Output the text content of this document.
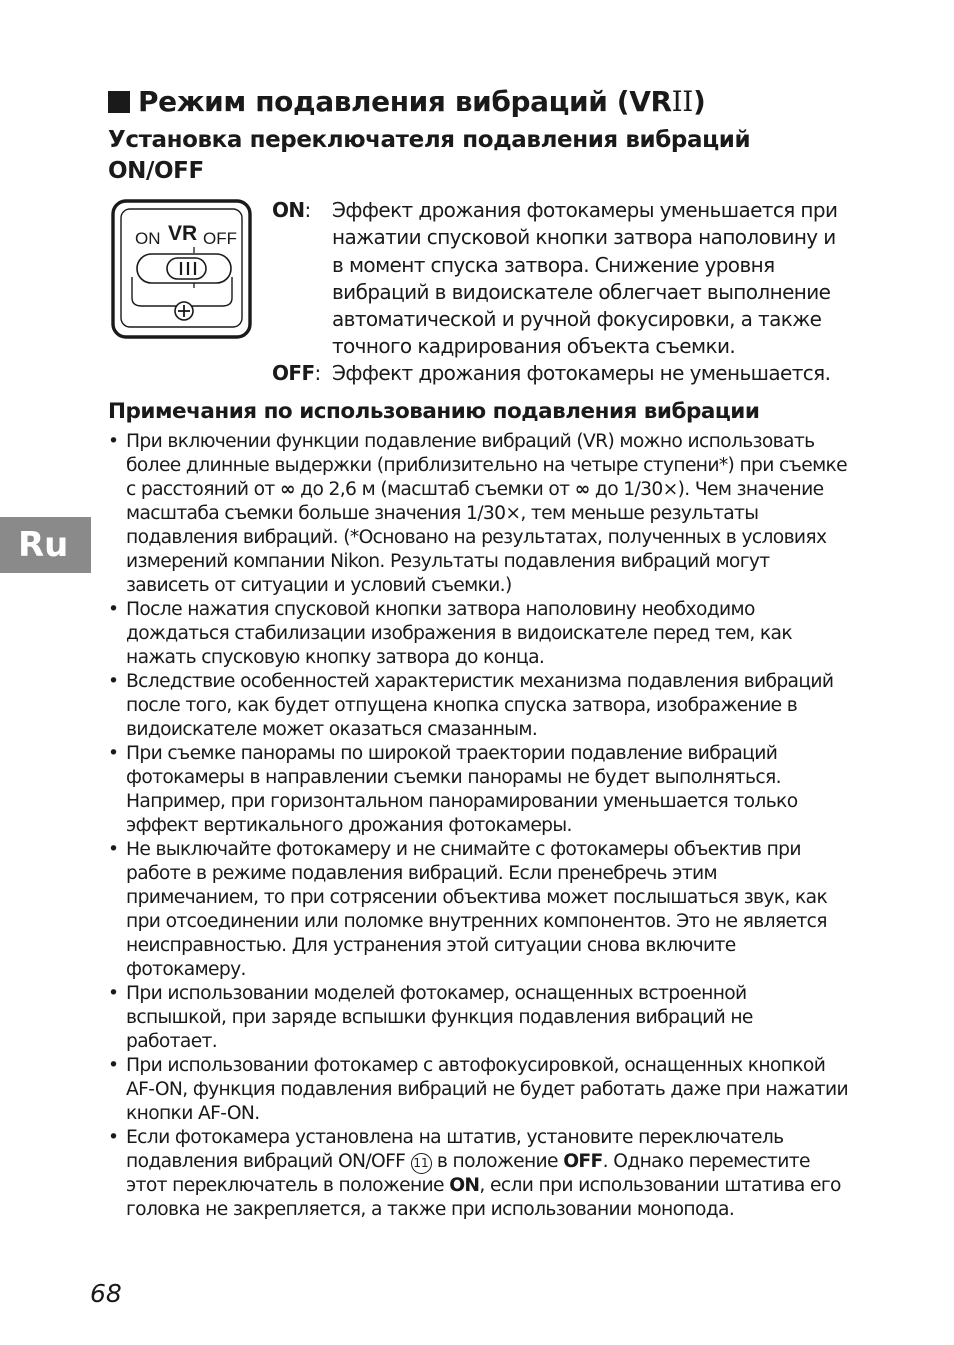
Режим подавления вибраций (VRII)
Установка переключателя подавления вибраций ON/OFF
ON VR OFF
ON: Эффект дрожания фотокамеры уменьшается при нажатии спусковой кнопки затвора наполовину и в момент спуска затвора. Снижение уровня вибраций в видоискателе облегчает выполнение автоматической и ручной фокусировки, а также точного кадрирования объекта съемки.
OFF: Эффект дрожания фотокамеры не уменьшается.
Примечания по использованию подавления вибрации
• При включении функции подавление вибраций (VR) можно использовать более длинные выдержки (приблизительно на четыре ступени*) при съемке с расстояний от ∞ до 2,6 м (масштаб съемки от ∞ до 1/30×). Чем значение масштаба съемки больше значения 1/30×, тем меньше результаты подавления вибраций. (*Основано на результатах, полученных в условиях измерений компании Nikon. Результаты подавления вибраций могут зависеть от ситуации и условий съемки.)
• После нажатия спусковой кнопки затвора наполовину необходимо дождаться стабилизации изображения в видоискателе перед тем, как нажать спусковую кнопку затвора до конца.
• Вследствие особенностей характеристик механизма подавления вибраций после того, как будет отпущена кнопка спуска затвора, изображение в видоискателе может оказаться смазанным.
• При съемке панорамы по широкой траектории подавление вибраций фотокамеры в направлении съемки панорамы не будет выполняться. Например, при горизонтальном панорамировании уменьшается только эффект вертикального дрожания фотокамеры.
• Не выключайте фотокамеру и не снимайте с фотокамеры объектив при работе в режиме подавления вибраций. Если пренебречь этим примечанием, то при сотрясении объектива может послышаться звук, как при отсоединении или поломке внутренних компонентов. Это не является неисправностью. Для устранения этой ситуации снова включите фотокамеру.
• При использовании моделей фотокамер, оснащенных встроенной вспышкой, при заряде вспышки функция подавления вибраций не работает.
• При использовании фотокамер с автофокусировкой, оснащенных кнопкой AF-ON, функция подавления вибраций не будет работать даже при нажатии кнопки AF-ON.
• Если фотокамера установлена на штатив, установите переключатель подавления вибраций ON/OFF 11 в положение OFF. Однако переместите этот переключатель в положение ON, если при использовании штатива его головка не закрепляется, а также при использовании монопода.
Ru
68
